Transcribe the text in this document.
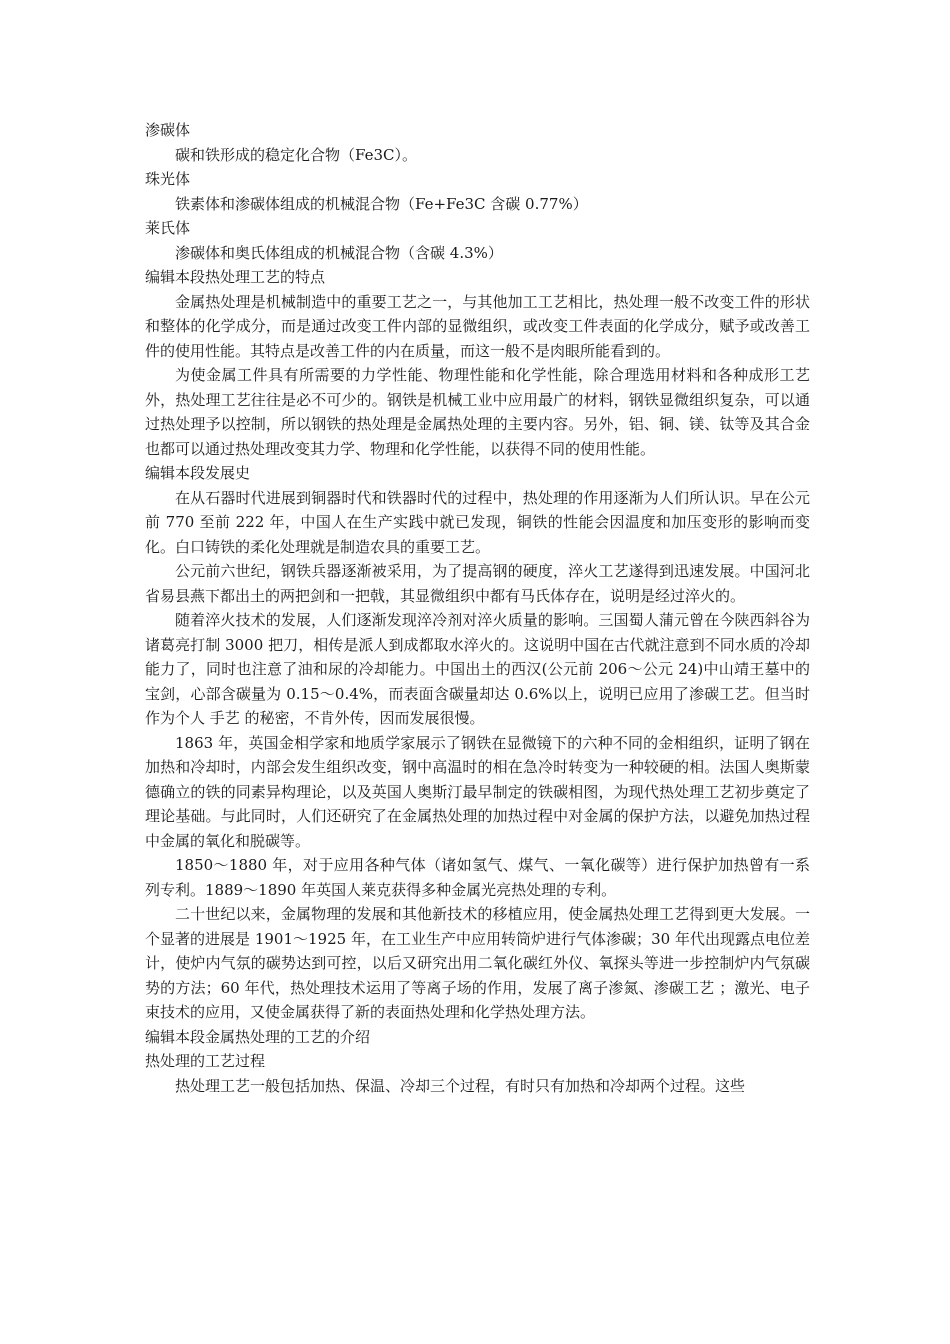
渗碳体
碳和铁形成的稳定化合物（Fe3C）。
珠光体
铁素体和渗碳体组成的机械混合物（Fe+Fe3C 含碳 0.77%）
莱氏体
渗碳体和奥氏体组成的机械混合物（含碳 4.3%）
编辑本段热处理工艺的特点

金属热处理是机械制造中的重要工艺之一，与其他加工工艺相比，热处理一般不改变工件的形状和整体的化学成分，而是通过改变工件内部的显微组织，或改变工件表面的化学成分，赋予或改善工件的使用性能。其特点是改善工件的内在质量，而这一般不是肉眼所能看到的。

为使金属工件具有所需要的力学性能、物理性能和化学性能，除合理选用材料和各种成形工艺外，热处理工艺往往是必不可少的。钢铁是机械工业中应用最广的材料，钢铁显微组织复杂，可以通过热处理予以控制，所以钢铁的热处理是金属热处理的主要内容。另外，铝、铜、镁、钛等及其合金也都可以通过热处理改变其力学、物理和化学性能，以获得不同的使用性能。

编辑本段发展史

在从石器时代进展到铜器时代和铁器时代的过程中，热处理的作用逐渐为人们所认识。早在公元前 770 至前 222 年，中国人在生产实践中就已发现，铜铁的性能会因温度和加压变形的影响而变化。白口铸铁的柔化处理就是制造农具的重要工艺。

公元前六世纪，钢铁兵器逐渐被采用，为了提高钢的硬度，淬火工艺遂得到迅速发展。中国河北省易县燕下都出土的两把剑和一把戟，其显微组织中都有马氏体存在，说明是经过淬火的。

随着淬火技术的发展，人们逐渐发现淬冷剂对淬火质量的影响。三国蜀人蒲元曾在今陕西斜谷为诸葛亮打制 3000 把刀，相传是派人到成都取水淬火的。这说明中国在古代就注意到不同水质的冷却能力了，同时也注意了油和尿的冷却能力。中国出土的西汉(公元前 206～公元 24)中山靖王墓中的宝剑，心部含碳量为 0.15～0.4%，而表面含碳量却达 0.6%以上，说明已应用了渗碳工艺。但当时作为个人 手艺 的秘密，不肯外传，因而发展很慢。

1863 年，英国金相学家和地质学家展示了钢铁在显微镜下的六种不同的金相组织，证明了钢在加热和冷却时，内部会发生组织改变，钢中高温时的相在急冷时转变为一种较硬的相。法国人奥斯蒙德确立的铁的同素异构理论，以及英国人奥斯汀最早制定的铁碳相图，为现代热处理工艺初步奠定了理论基础。与此同时，人们还研究了在金属热处理的加热过程中对金属的保护方法，以避免加热过程中金属的氧化和脱碳等。

1850～1880 年，对于应用各种气体（诸如氢气、煤气、一氧化碳等）进行保护加热曾有一系列专利。1889～1890 年英国人莱克获得多种金属光亮热处理的专利。

二十世纪以来，金属物理的发展和其他新技术的移植应用，使金属热处理工艺得到更大发展。一个显著的进展是 1901～1925 年，在工业生产中应用转筒炉进行气体渗碳；30 年代出现露点电位差计，使炉内气氛的碳势达到可控，以后又研究出用二氧化碳红外仪、氧探头等进一步控制炉内气氛碳势的方法；60 年代，热处理技术运用了等离子场的作用，发展了离子渗氮、渗碳工艺 ；激光、电子束技术的应用，又使金属获得了新的表面热处理和化学热处理方法。

编辑本段金属热处理的工艺的介绍
热处理的工艺过程

热处理工艺一般包括加热、保温、冷却三个过程，有时只有加热和冷却两个过程。这些
